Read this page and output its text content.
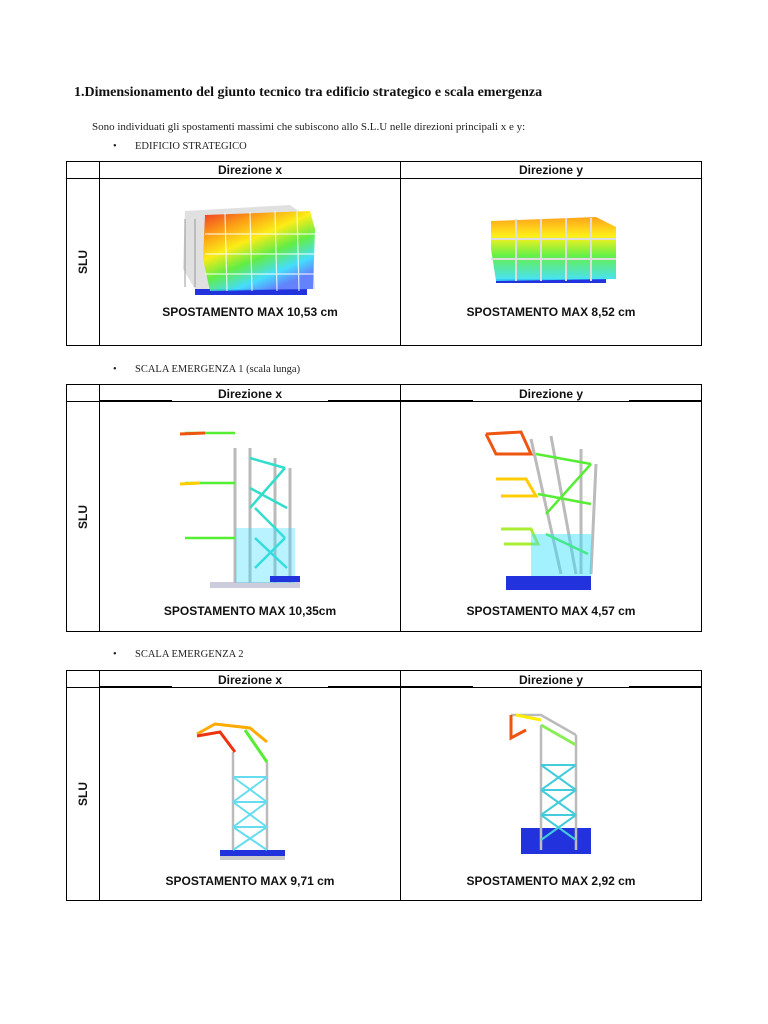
1.Dimensionamento del giunto tecnico tra edificio strategico e scala emergenza
Sono individuati gli spostamenti massimi che subiscono allo S.L.U nelle direzioni principali x e y:
• EDIFICIO STRATEGICO
	Direzione x	Direzione y

SLU	SPOSTAMENTO MAX 10,53 cm	SPOSTAMENTO MAX 8,52 cm
• SCALA EMERGENZA 1 (scala lunga)
	Direzione x	Direzione y

SLU	SPOSTAMENTO MAX 10,35cm	SPOSTAMENTO MAX 4,57 cm
• SCALA EMERGENZA 2
	Direzione x	Direzione y

SLU	SPOSTAMENTO MAX 9,71 cm	SPOSTAMENTO MAX 2,92 cm
